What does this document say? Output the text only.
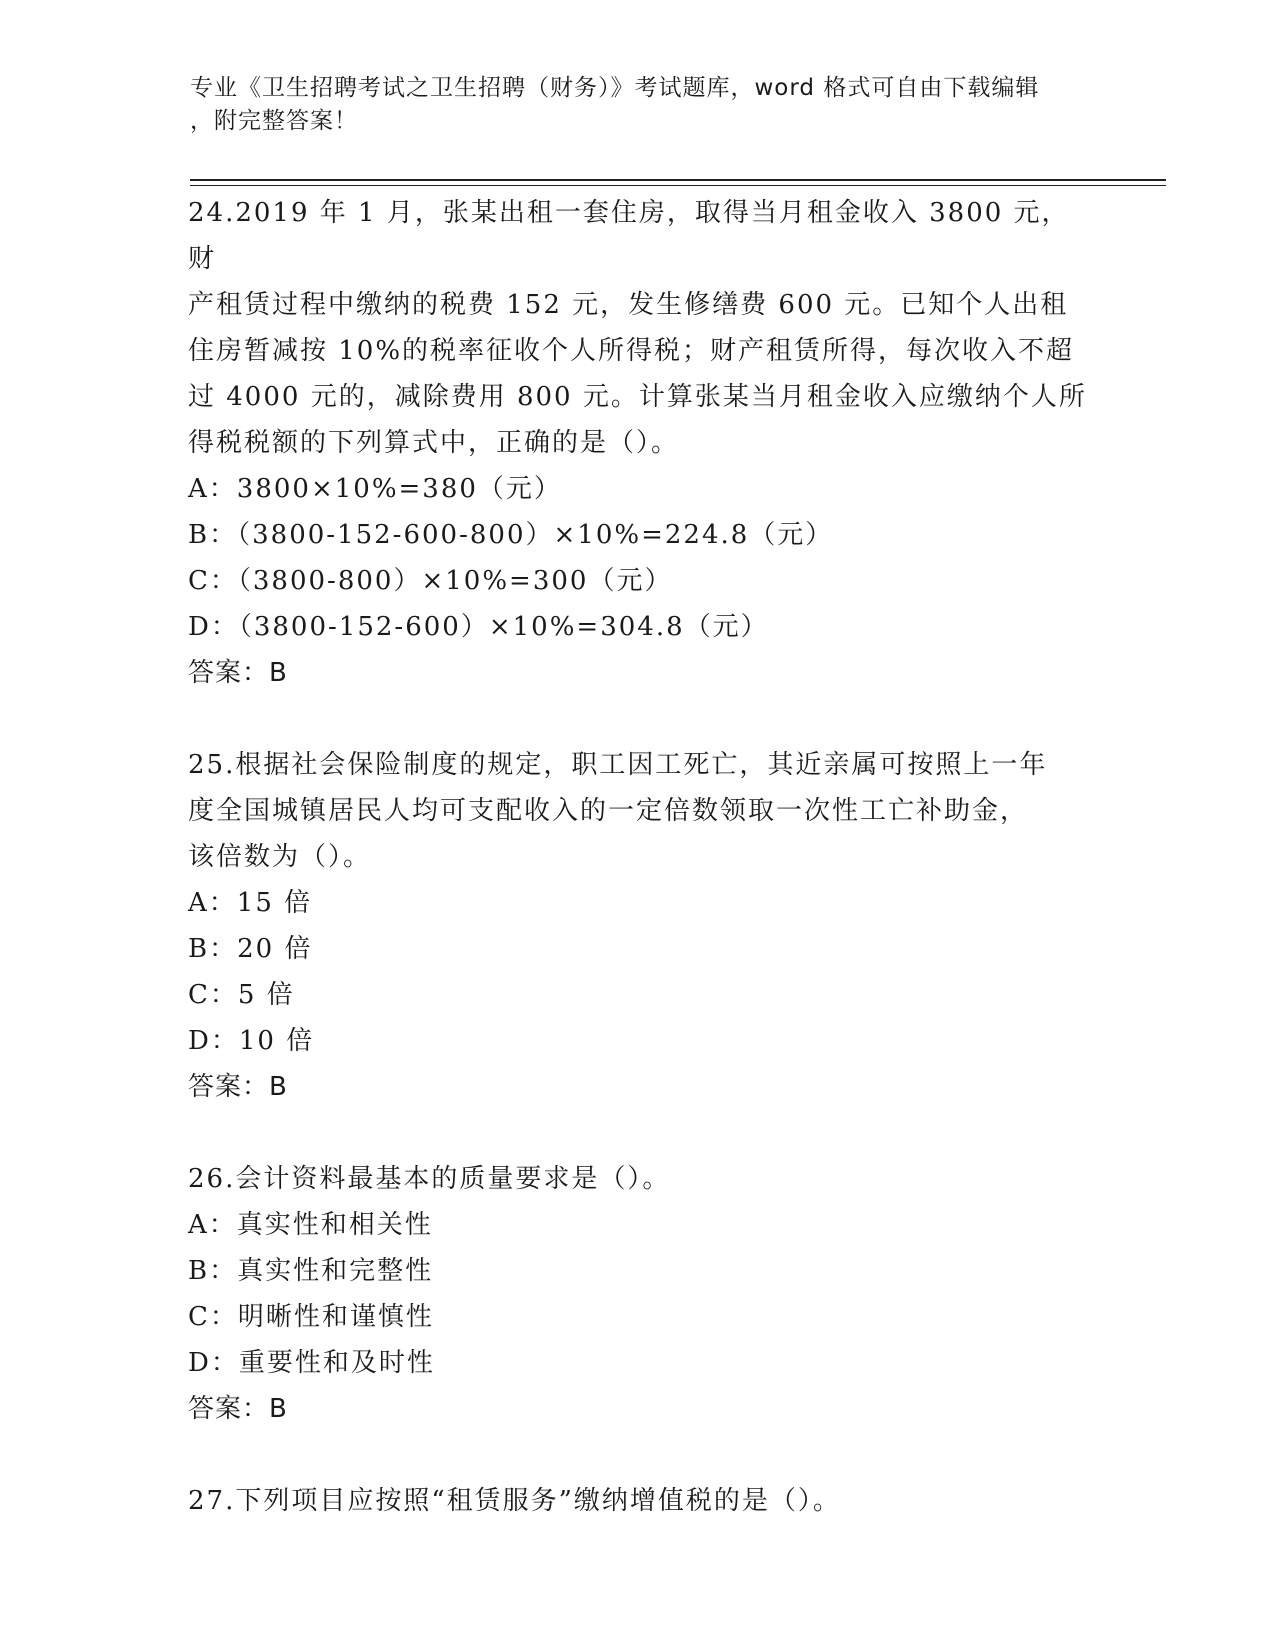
专业《卫生招聘考试之卫生招聘（财务）》考试题库，word 格式可自由下载编辑
，附完整答案！

24.2019 年 1 月，张某出租一套住房，取得当月租金收入 3800 元，财

产租赁过程中缴纳的税费 152 元，发生修缮费 600 元。已知个人出租

住房暂减按 10%的税率征收个人所得税；财产租赁所得，每次收入不超

过 4000 元的，减除费用 800 元。计算张某当月租金收入应缴纳个人所

得税税额的下列算式中，正确的是（）。

A：3800×10%=380（元）

B：（3800-152-600-800）×10%=224.8（元）

C：（3800-800）×10%=300（元）

D：（3800-152-600）×10%=304.8（元）

答案：B

25.根据社会保险制度的规定，职工因工死亡，其近亲属可按照上一年

度全国城镇居民人均可支配收入的一定倍数领取一次性工亡补助金，

该倍数为（）。

A：15 倍

B：20 倍

C：5 倍

D：10 倍

答案：B

26.会计资料最基本的质量要求是（）。

A：真实性和相关性

B：真实性和完整性

C：明晰性和谨慎性

D：重要性和及时性

答案：B

27.下列项目应按照“租赁服务”缴纳增值税的是（）。
